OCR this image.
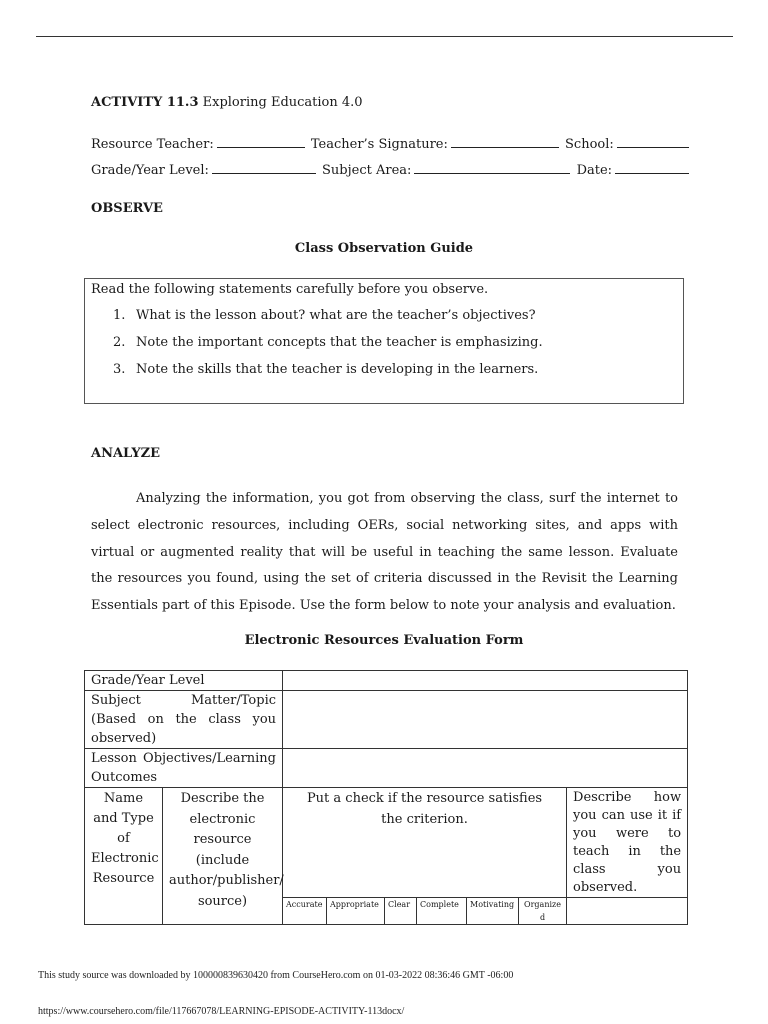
ACTIVITY 11.3 Exploring Education 4.0
Resource Teacher:	Teacher’s Signature:	School:
Grade/Year Level:	Subject Area:	Date:
OBSERVE
Class Observation Guide
Read the following statements carefully before you observe.
1. What is the lesson about? what are the teacher’s objectives?
2. Note the important concepts that the teacher is emphasizing.
3. Note the skills that the teacher is developing in the learners.
ANALYZE

Analyzing the information, you got from observing the class, surf the internet to select electronic resources, including OERs, social networking sites, and apps with virtual or augmented reality that will be useful in teaching the same lesson. Evaluate the resources you found, using the set of criteria discussed in the Revisit the Learning Essentials part of this Episode. Use the form below to note your analysis and evaluation.

Electronic Resources Evaluation Form
Grade/Year Level								
Subject Matter/Topic (Based on the class you observed)								
Lesson Objectives/Learning Outcomes								
Name and Type of Electronic Resource	Describe the electronic resource (include author/publisher/ source)	Put a check if the resource satisfies the criterion.						Describe how you can use it if you were to teach in the class you observed.
		Accurate	Appropriate	Clear	Complete	Motivating	Organized	
This study source was downloaded by 100000839630420 from CourseHero.com on 01-03-2022 08:36:46 GMT -06:00
https://www.coursehero.com/file/117667078/LEARNING-EPISODE-ACTIVITY-113docx/
